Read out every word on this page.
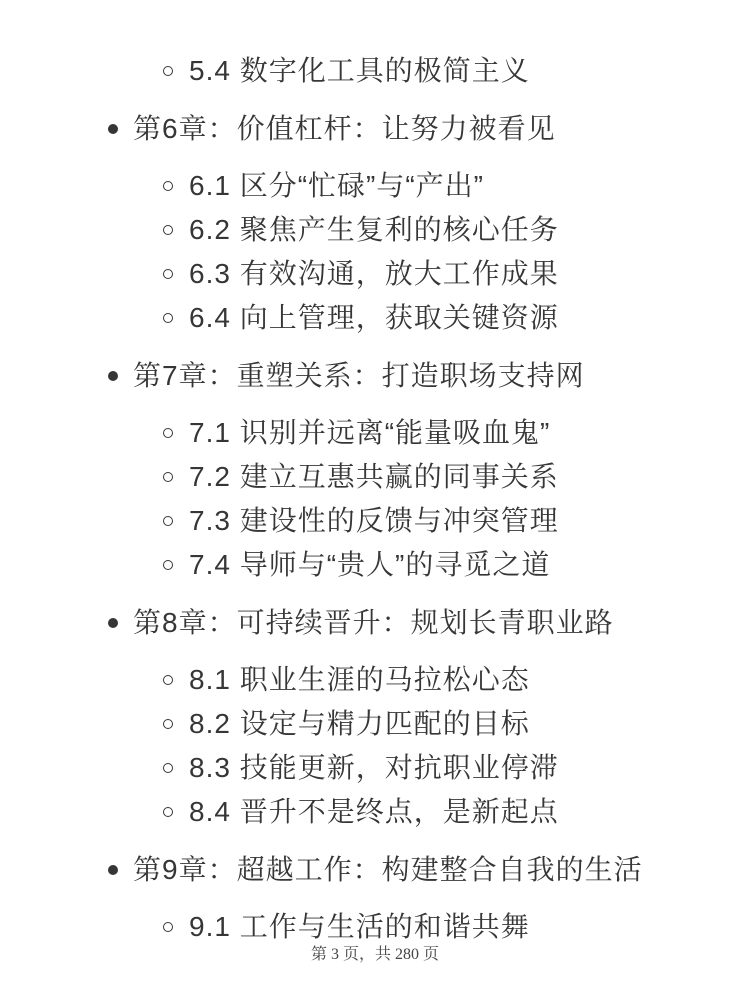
5.4 数字化工具的极简主义
第6章：价值杠杆：让努力被看见
6.1 区分“忙碌”与“产出”
6.2 聚焦产生复利的核心任务
6.3 有效沟通，放大工作成果
6.4 向上管理，获取关键资源
第7章：重塑关系：打造职场支持网
7.1 识别并远离“能量吸血鬼”
7.2 建立互惠共赢的同事关系
7.3 建设性的反馈与冲突管理
7.4 导师与“贵人”的寻觅之道
第8章：可持续晋升：规划长青职业路
8.1 职业生涯的马拉松心态
8.2 设定与精力匹配的目标
8.3 技能更新，对抗职业停滞
8.4 晋升不是终点，是新起点
第9章：超越工作：构建整合自我的生活
9.1 工作与生活的和谐共舞
第 3 页，共 280 页
